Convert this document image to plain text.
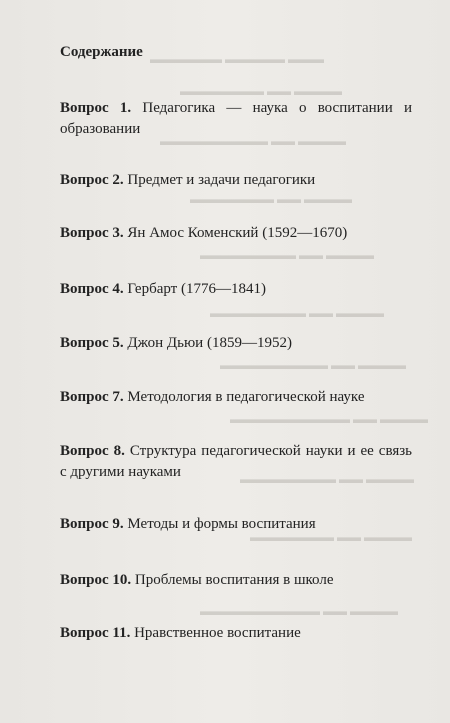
▬▬▬ ▬▬▬▬▬ ▬▬▬▬▬▬
▬▬▬▬ ▬▬ ▬▬▬▬▬▬▬
▬▬▬▬ ▬▬ ▬▬▬▬▬▬▬▬▬
▬▬▬▬ ▬▬ ▬▬▬▬▬▬▬
▬▬▬▬ ▬▬ ▬▬▬▬▬▬▬▬
▬▬▬▬ ▬▬ ▬▬▬▬▬▬▬▬
▬▬▬▬ ▬▬ ▬▬▬▬▬▬▬▬▬
▬▬▬▬ ▬▬ ▬▬▬▬▬▬▬▬▬▬
▬▬▬▬ ▬▬ ▬▬▬▬▬▬▬▬
▬▬▬▬ ▬▬ ▬▬▬▬▬▬▬
▬▬▬▬ ▬▬ ▬▬▬▬▬▬▬▬▬▬
Содержание
Вопрос 1. Педагогика — наука о воспитании и образовании
Вопрос 2. Предмет и задачи педагогики
Вопрос 3. Ян Амос Коменский (1592—1670)
Вопрос 4. Гербарт (1776—1841)
Вопрос 5. Джон Дьюи (1859—1952)
Вопрос 7. Методология в педагогической науке
Вопрос 8. Структура педагогической науки и ее связь с другими науками
Вопрос 9. Методы и формы воспитания
Вопрос 10. Проблемы воспитания в школе
Вопрос 11. Нравственное воспитание
